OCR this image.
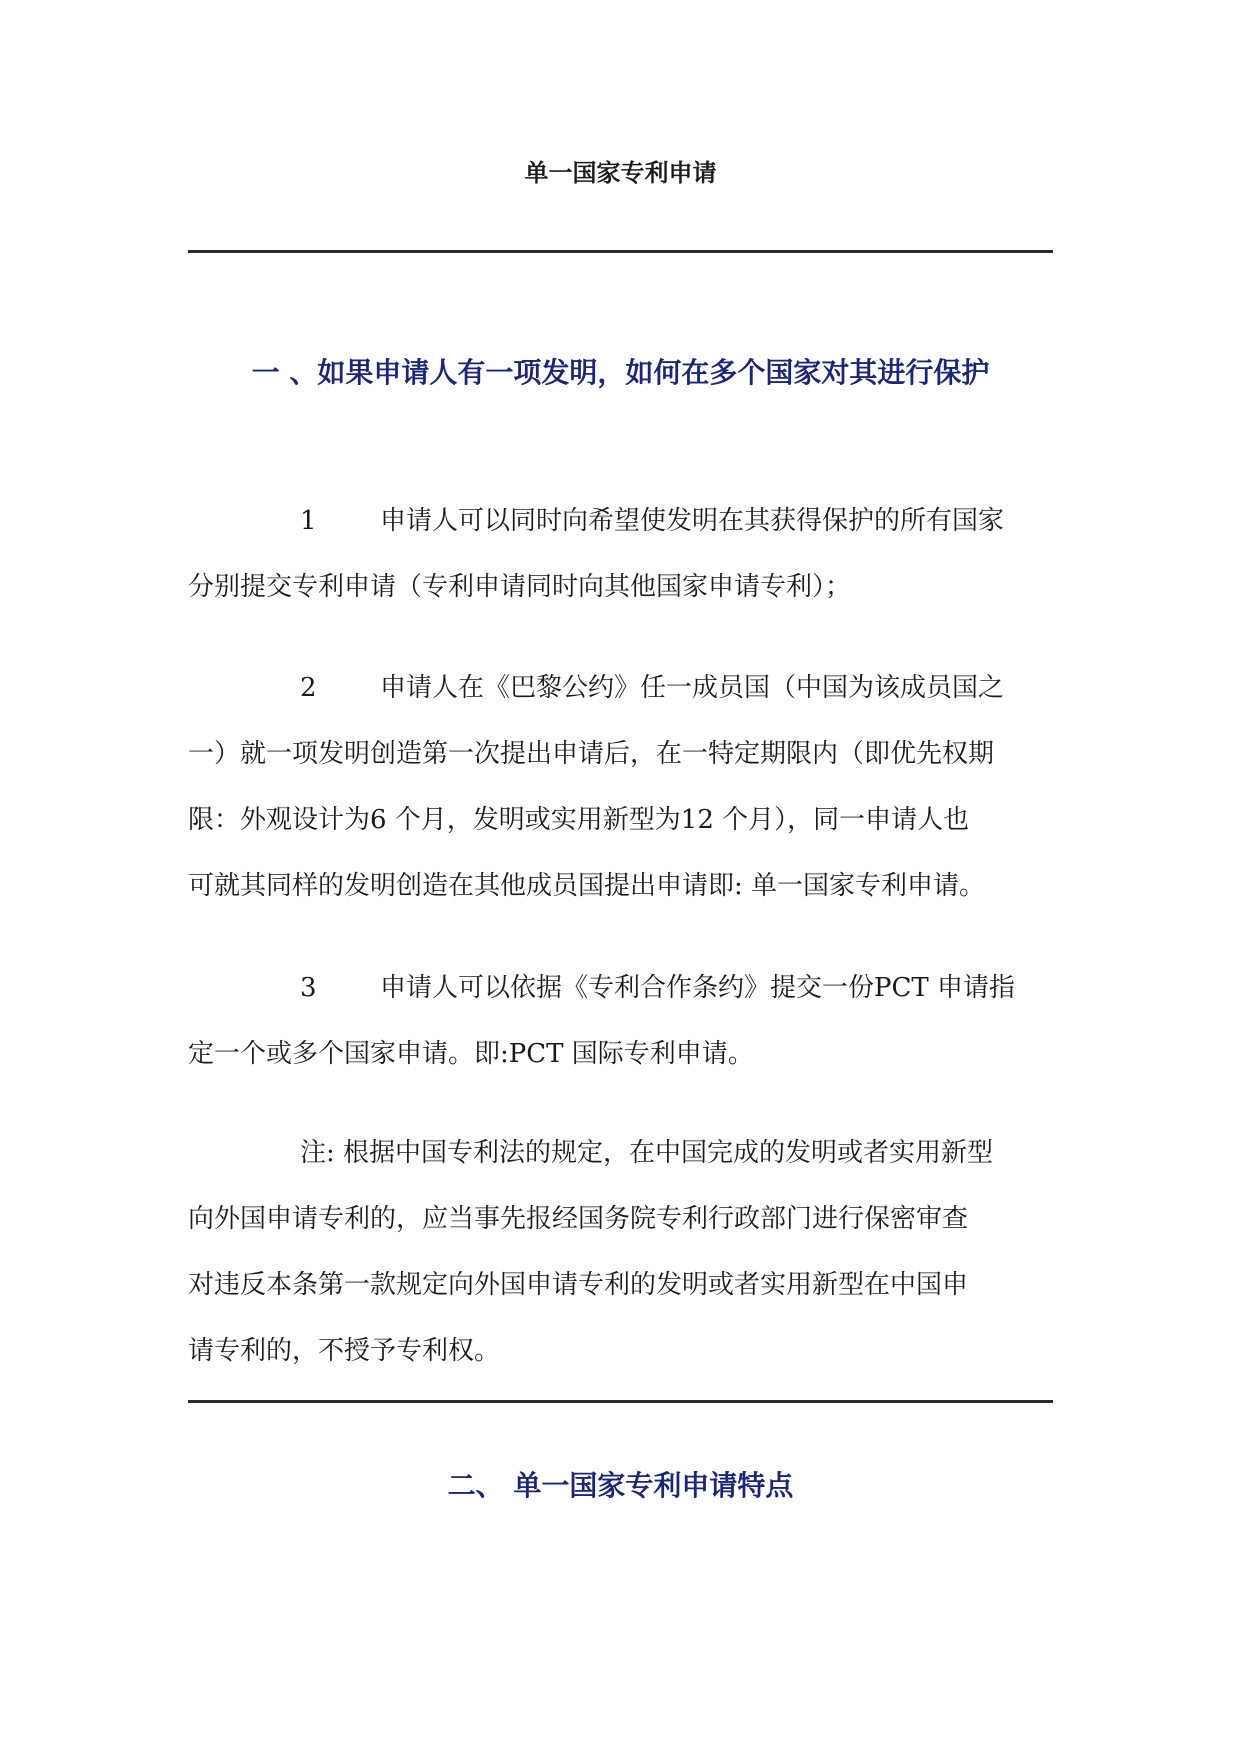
单一国家专利申请
一 、如果申请人有一项发明，如何在多个国家对其进行保护
1 申请人可以同时向希望使发明在其获得保护的所有国家
分别提交专利申请（专利申请同时向其他国家申请专利）；
2 申请人在《巴黎公约》任一成员国（中国为该成员国之
一）就一项发明创造第一次提出申请后，在一特定期限内（即优先权期
限：外观设计为6 个月，发明或实用新型为12 个月），同一申请人也
可就其同样的发明创造在其他成员国提出申请即: 单一国家专利申请。
3 申请人可以依据《专利合作条约》提交一份PCT 申请指
定一个或多个国家申请。即:PCT 国际专利申请。
注: 根据中国专利法的规定，在中国完成的发明或者实用新型
向外国申请专利的，应当事先报经国务院专利行政部门进行保密审查
对违反本条第一款规定向外国申请专利的发明或者实用新型在中国申
请专利的，不授予专利权。
二、 单一国家专利申请特点
